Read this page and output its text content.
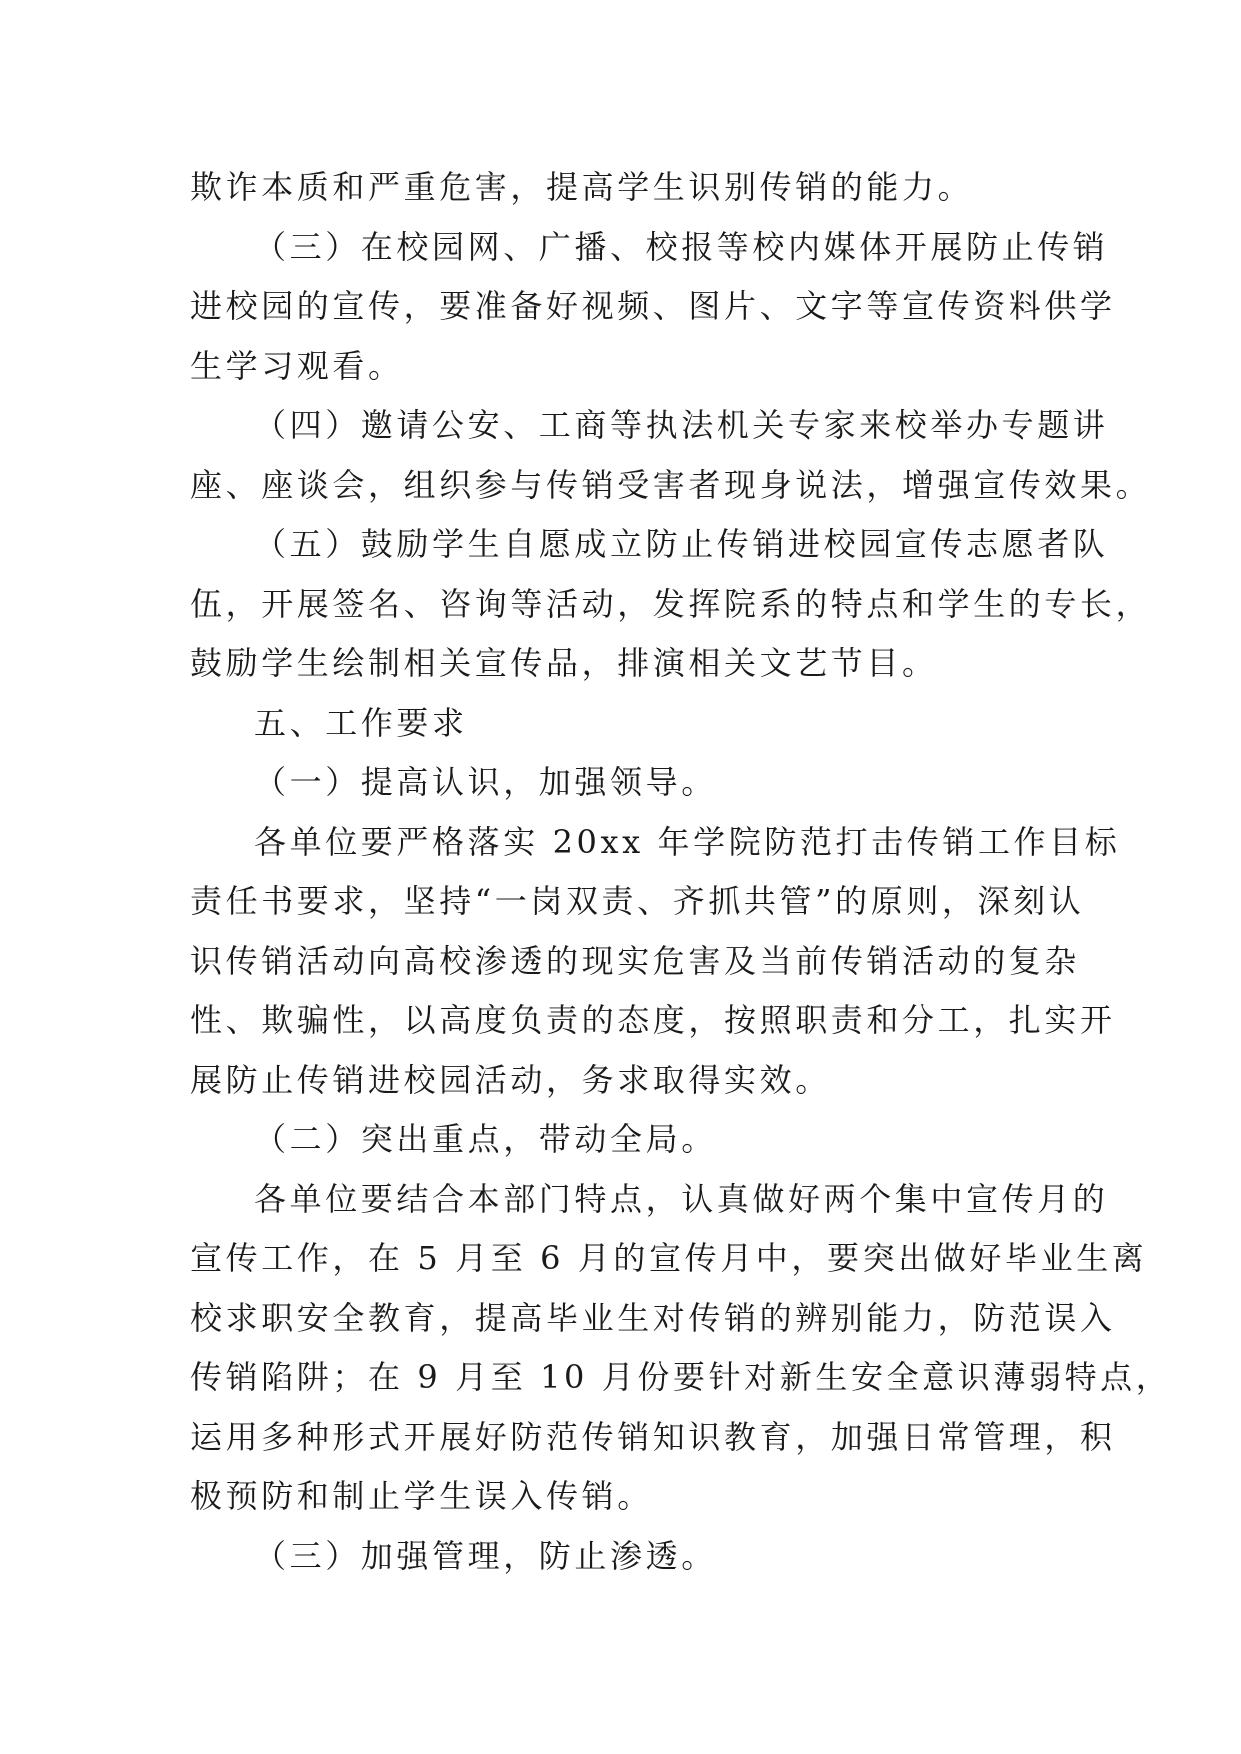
欺诈本质和严重危害，提高学生识别传销的能力。
（三）在校园网、广播、校报等校内媒体开展防止传销
进校园的宣传，要准备好视频、图片、文字等宣传资料供学
生学习观看。
（四）邀请公安、工商等执法机关专家来校举办专题讲
座、座谈会，组织参与传销受害者现身说法，增强宣传效果。
（五）鼓励学生自愿成立防止传销进校园宣传志愿者队
伍，开展签名、咨询等活动，发挥院系的特点和学生的专长，
鼓励学生绘制相关宣传品，排演相关文艺节目。
五、工作要求
（一）提高认识，加强领导。
各单位要严格落实 20xx 年学院防范打击传销工作目标
责任书要求，坚持“一岗双责、齐抓共管”的原则，深刻认
识传销活动向高校渗透的现实危害及当前传销活动的复杂
性、欺骗性，以高度负责的态度，按照职责和分工，扎实开
展防止传销进校园活动，务求取得实效。
（二）突出重点，带动全局。
各单位要结合本部门特点，认真做好两个集中宣传月的
宣传工作，在 5 月至 6 月的宣传月中，要突出做好毕业生离
校求职安全教育，提高毕业生对传销的辨别能力，防范误入
传销陷阱；在 9 月至 10 月份要针对新生安全意识薄弱特点，
运用多种形式开展好防范传销知识教育，加强日常管理，积
极预防和制止学生误入传销。
（三）加强管理，防止渗透。
